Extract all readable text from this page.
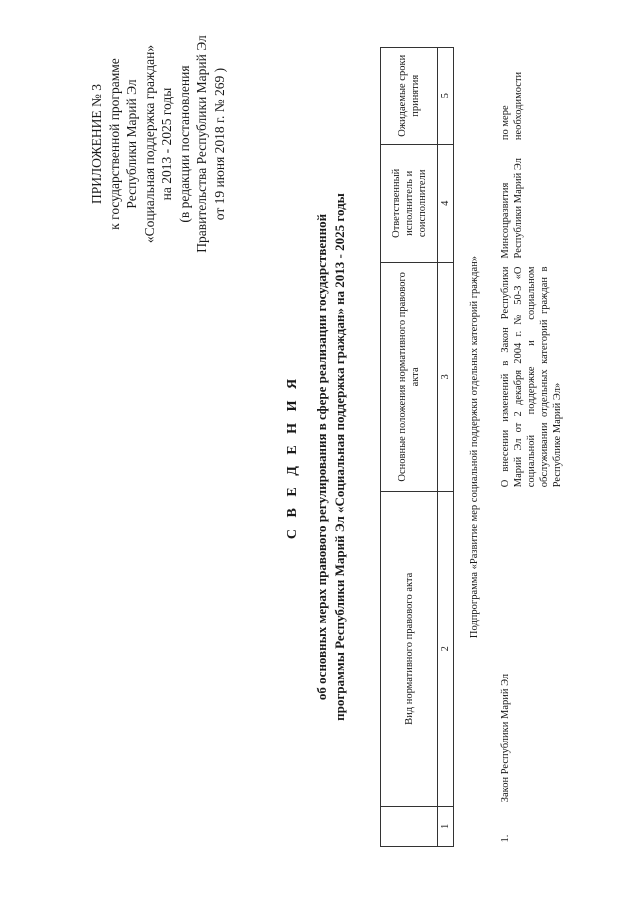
ПРИЛОЖЕНИЕ № 3 к государственной программе Республики Марий Эл «Социальная поддержка граждан» на 2013 - 2025 годы (в редакции постановления Правительства Республики Марий Эл от 19 июня 2018 г. № 269 )
С В Е Д Е Н И Я об основных мерах правового регулирования в сфере реализации государственной программы Республики Марий Эл «Социальная поддержка граждан» на 2013 - 2025 годы
		Вид нормативного правового акта	Основные положения нормативного правового акта	Ответственный исполнитель и соисполнители	Ожидаемые сроки принятия
1	2	3	4	5
Подпрограмма «Развитие мер социальной поддержки отдельных категорий граждан»				
1.	Закон Республики Марий Эл	О внесении изменений в Закон Республики Марий Эл от 2 декабря 2004 г. № 50-З «О социальной поддержке и социальном обслуживании отдельных категорий граждан в Республике Марий Эл»	Минсоцразвития Республики Марий Эл	по мере необходимости
